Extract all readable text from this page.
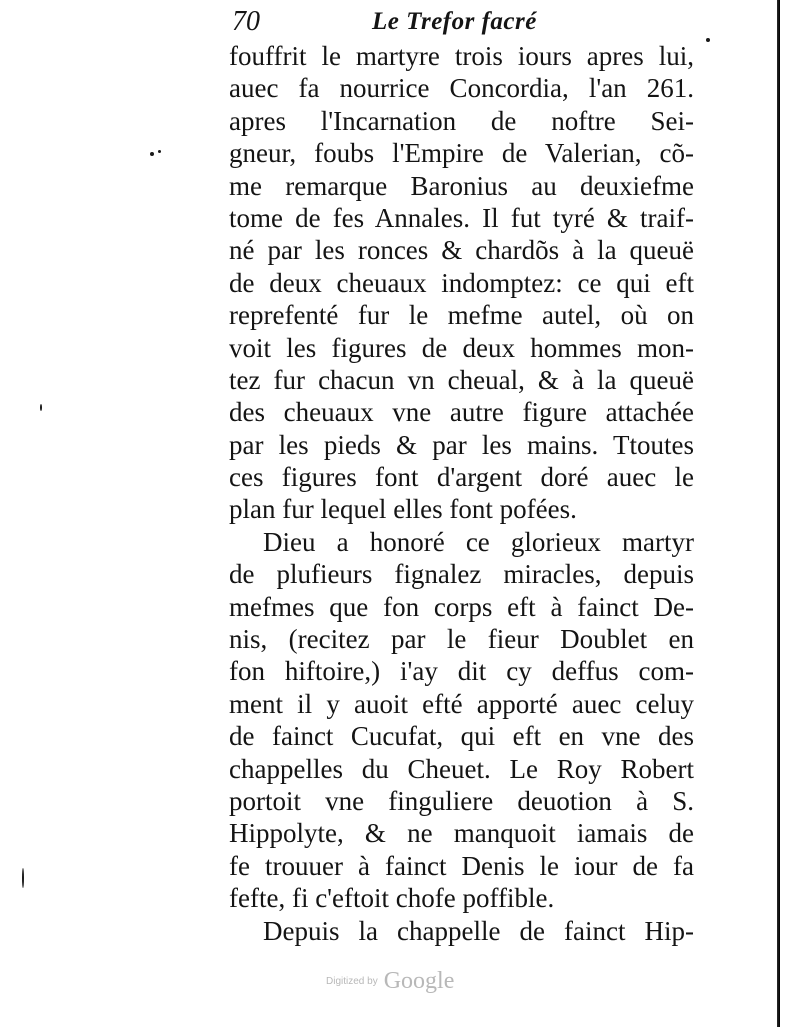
70	Le Trefor facré
fouffrit le martyre trois iours apres lui,
auec fa nourrice Concordia, l'an 261.
apres l'Incarnation de noftre Sei-
gneur, foubs l'Empire de Valerian, cõ-
me remarque Baronius au deuxiefme
tome de fes Annales. Il fut tyré & traif-
né par les ronces & chardõs à la queuë
de deux cheuaux indomptez: ce qui eft
reprefenté fur le mefme autel, où on
voit les figures de deux hommes mon-
tez fur chacun vn cheual, & à la queuë
des cheuaux vne autre figure attachée
par les pieds & par les mains. Ttoutes
ces figures font d'argent doré auec le
plan fur lequel elles font pofées.
Dieu a honoré ce glorieux martyr
de plufieurs fignalez miracles, depuis
mefmes que fon corps eft à fainct De-
nis, (recitez par le fieur Doublet en
fon hiftoire,) i'ay dit cy deffus com-
ment il y auoit efté apporté auec celuy
de fainct Cucufat, qui eft en vne des
chappelles du Cheuet. Le Roy Robert
portoit vne finguliere deuotion à S.
Hippolyte, & ne manquoit iamais de
fe trouuer à fainct Denis le iour de fa
fefte, fi c'eftoit chofe poffible.
Depuis la chappelle de fainct Hip-
Digitized by Google
